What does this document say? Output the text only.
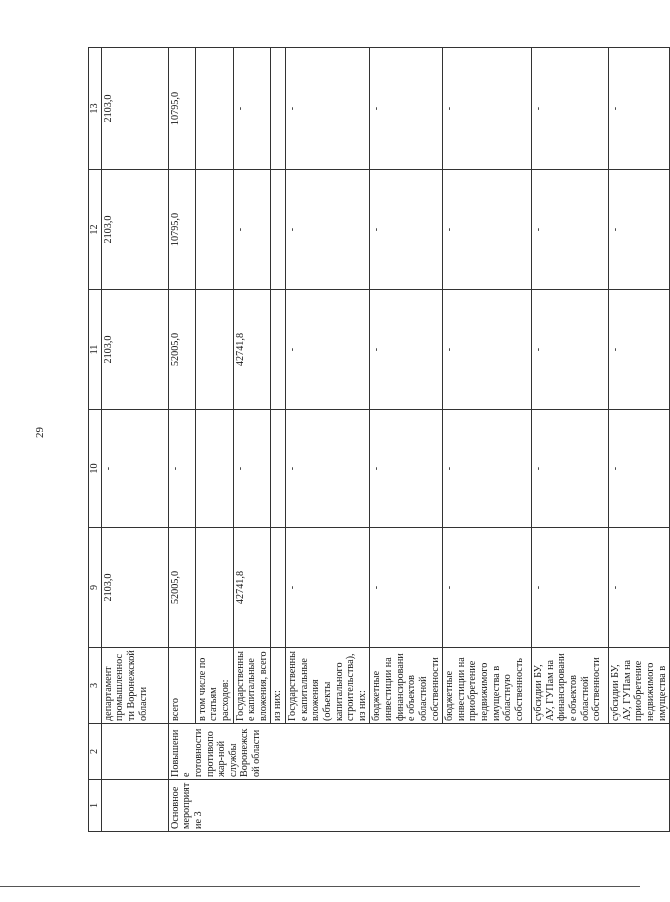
29
1	2	3	9	10	11	12	13
		департамент промышленности Воронежской области	2103,0	-	2103,0	2103,0	2103,0
Основное мероприятие 3	Повышение готовности противопожар-ной службы Воронежской области	всего	52005,0	-	52005,0	10795,0	10795,0
		в том числе по статьям расходов:					
		Государственные капитальные вложения, всего	42741,8	-	42741,8	-	-
		из них:					
		Государственные капитальные вложения (объекты капитального строительства), из них:	-	-	-	-	-
		бюджетные инвестиции на финансирование объектов областной собственности	-	-	-	-	-
		бюджетные инвестиции на приобретение недвижимого имущества в областную собственность	-	-	-	-	-
		субсидии БУ, АУ, ГУПам на финансирование объектов областной собственности	-	-	-	-	-
		субсидии БУ, АУ, ГУПам на приобретение недвижимого имущества в	-	-	-	-	-
